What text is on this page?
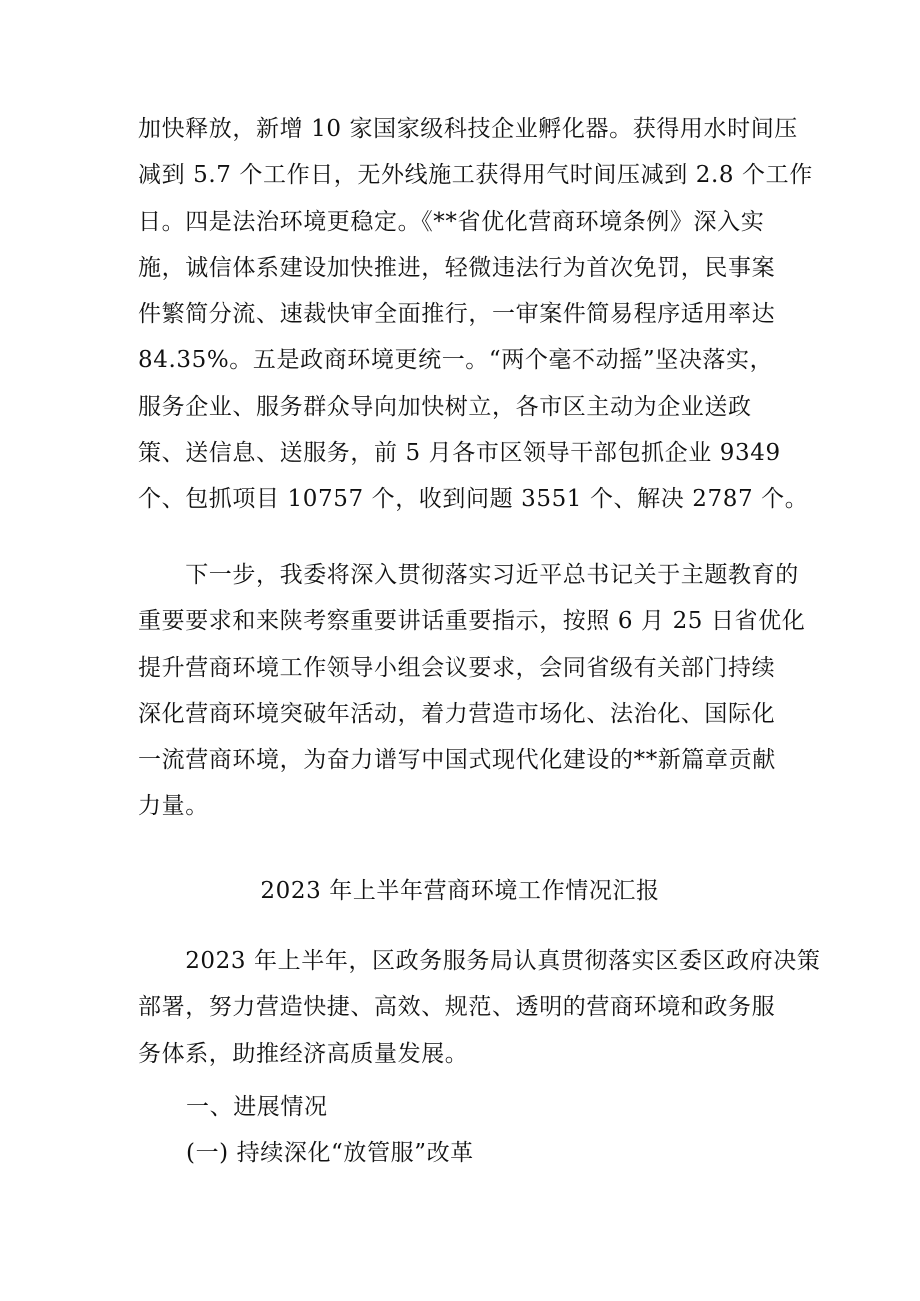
加快释放，新增 10 家国家级科技企业孵化器。获得用水时间压
减到 5.7 个工作日，无外线施工获得用气时间压减到 2.8 个工作
日。四是法治环境更稳定。《**省优化营商环境条例》深入实
施，诚信体系建设加快推进，轻微违法行为首次免罚，民事案
件繁简分流、速裁快审全面推行，一审案件简易程序适用率达
84.35%。五是政商环境更统一。“两个毫不动摇”坚决落实，
服务企业、服务群众导向加快树立，各市区主动为企业送政
策、送信息、送服务，前 5 月各市区领导干部包抓企业 9349
个、包抓项目 10757 个，收到问题 3551 个、解决 2787 个。
　　下一步，我委将深入贯彻落实习近平总书记关于主题教育的
重要要求和来陕考察重要讲话重要指示，按照 6 月 25 日省优化
提升营商环境工作领导小组会议要求，会同省级有关部门持续
深化营商环境突破年活动，着力营造市场化、法治化、国际化
一流营商环境，为奋力谱写中国式现代化建设的**新篇章贡献
力量。
2023 年上半年营商环境工作情况汇报
　　2023 年上半年，区政务服务局认真贯彻落实区委区政府决策
部署，努力营造快捷、高效、规范、透明的营商环境和政务服
务体系，助推经济高质量发展。
一、进展情况
(一) 持续深化“放管服”改革
